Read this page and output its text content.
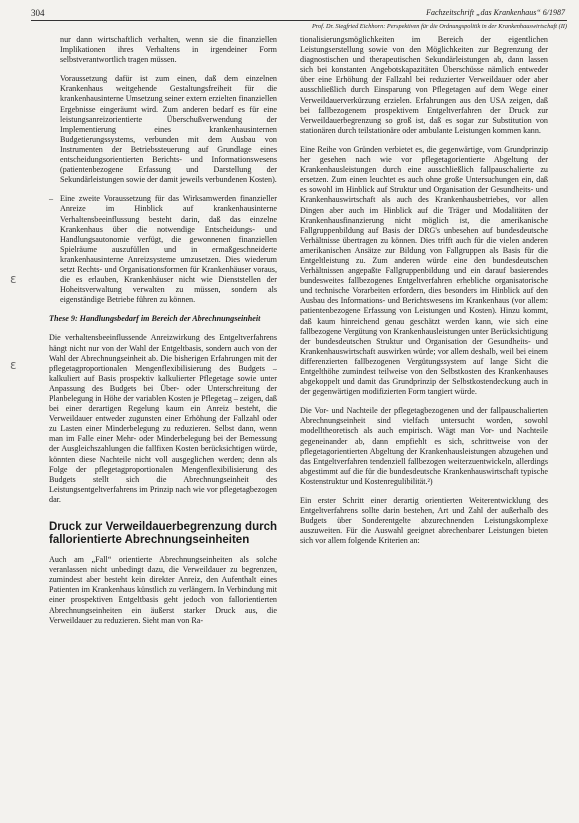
304	Fachzeitschrift „das Krankenhaus“ 6/1987
Prof. Dr. Siegfried Eichhorn: Perspektiven für die Ordnungspolitik in der Krankenhauswirtschaft (II)
ɛ
ɛ

nur dann wirtschaftlich verhalten, wenn sie die finanziellen Implikationen ihres Verhaltens in irgendeiner Form selbstverantwortlich tragen müssen.

Voraussetzung dafür ist zum einen, daß dem einzelnen Krankenhaus weitgehende Gestaltungsfreiheit für die krankenhausinterne Umsetzung seiner extern erzielten finanziellen Ergebnisse eingeräumt wird. Zum anderen bedarf es für eine leistungsanreizorientierte Überschußverwendung der Implementierung eines krankenhausinternen Budgetierungssystems, verbunden mit dem Ausbau von Instrumenten der Betriebssteuerung auf Grundlage eines entscheidungsorientierten Berichts- und Informationswesens (patientenbezogene Erfassung und Darstellung der Sekundärleistungen sowie der damit jeweils verbundenen Kosten).

– Eine zweite Voraussetzung für das Wirksamwerden finanzieller Anreize im Hinblick auf krankenhausinterne Verhaltensbeeinflussung besteht darin, daß das einzelne Krankenhaus über die notwendige Entscheidungs- und Handlungsautonomie verfügt, die gewonnenen finanziellen Spielräume auszufüllen und in ermaßgeschneiderte krankenhausinterne Anreizsysteme umzusetzen. Dies wiederum setzt Rechts- und Organisationsformen für Krankenhäuser voraus, die es erlauben, Krankenhäuser nicht wie Dienststellen der Hoheitsverwaltung verwalten zu müssen, sondern als eigenständige Betriebe führen zu können.

These 9: Handlungsbedarf im Bereich der Abrechnungseinheit

Die verhaltensbeeinflussende Anreizwirkung des Entgeltverfahrens hängt nicht nur von der Wahl der Entgeltbasis, sondern auch von der Wahl der Abrechnungseinheit ab. Die bisherigen Erfahrungen mit der pflegetagproportionalen Mengenflexibilisierung des Budgets – kalkuliert auf Basis prospektiv kalkulierter Pflegetage sowie unter Anpassung des Budgets bei Über- oder Unterschreitung der Planbelegung in Höhe der variablen Kosten je Pflegetag – zeigen, daß bei einer derartigen Regelung kaum ein Anreiz besteht, die Verweildauer entweder zugunsten einer Erhöhung der Fallzahl oder zu Lasten einer Minderbelegung zu reduzieren. Selbst dann, wenn man im Falle einer Mehr- oder Minderbelegung bei der Bemessung der Ausgleichszahlungen die fallfixen Kosten berücksichtigen würde, könnten diese Nachteile nicht voll ausgeglichen werden; denn als Folge der pflegetagproportionalen Mengenflexibilisierung des Budgets stellt sich die Abrechnungseinheit des Leistungsentgeltverfahrens im Prinzip nach wie vor pflegetagbezogen dar.

Druck zur Verweildauerbegrenzung durch fallorientierte Abrechnungseinheiten

Auch am „Fall“ orientierte Abrechnungseinheiten als solche veranlassen nicht unbedingt dazu, die Verweildauer zu begrenzen, zumindest aber besteht kein direkter Anreiz, den Aufenthalt eines Patienten im Krankenhaus künstlich zu verlängern. In Verbindung mit einer prospektiven Entgeltbasis geht jedoch von fallorientierten Abrechnungseinheiten ein äußerst starker Druck aus, die Verweildauer zu reduzieren. Sieht man von Ra-

tionalisierungsmöglichkeiten im Bereich der eigentlichen Leistungserstellung sowie von den Möglichkeiten zur Begrenzung der diagnostischen und therapeutischen Sekundärleistungen ab, dann lassen sich bei konstanten Angebotskapazitäten Überschüsse nämlich entweder über eine Erhöhung der Fallzahl bei reduzierter Verweildauer oder aber ausschließlich durch Einsparung von Pflegetagen auf dem Wege einer Verweildauerverkürzung erzielen. Erfahrungen aus den USA zeigen, daß bei fallbezogenem prospektivem Entgeltverfahren der Druck zur Verweildauerbegrenzung so groß ist, daß es sogar zur Substitution von stationären durch teilstationäre oder ambulante Leistungen kommen kann.

Eine Reihe von Gründen verbietet es, die gegenwärtige, vom Grundprinzip her gesehen nach wie vor pflegetagorientierte Abgeltung der Krankenhausleistungen durch eine ausschließlich fallpauschalierte zu ersetzen. Zum einen leuchtet es auch ohne große Untersuchungen ein, daß es sowohl im Hinblick auf Struktur und Organisation der Gesundheits- und Krankenhauswirtschaft als auch des Krankenhausbetriebes, vor allen Dingen aber auch im Hinblick auf die Träger und Modalitäten der Krankenhausfinanzierung nicht möglich ist, die amerikanische Fallgruppenbildung auf Basis der DRG's unbesehen auf bundesdeutsche Verhältnisse übertragen zu können. Dies trifft auch für die vielen anderen amerikanischen Ansätze zur Bildung von Fallgruppen als Basis für die Entgeltleistung zu. Zum anderen würde eine den bundesdeutschen Verhältnissen angepaßte Fallgruppenbildung und ein darauf basierendes bundesweites fallbezogenes Entgeltverfahren erhebliche organisatorische und technische Vorarbeiten erfordern, dies besonders im Hinblick auf den Ausbau des Informations- und Berichtswesens im Krankenhaus (vor allem: patientenbezogene Erfassung von Leistungen und Kosten). Hinzu kommt, daß kaum hinreichend genau geschätzt werden kann, wie sich eine fallbezogene Vergütung von Krankenhausleistungen unter Berücksichtigung der bundesdeutschen Struktur und Organisation der Gesundheits- und Krankenhauswirtschaft auswirken würde; vor allem deshalb, weil bei einem differenzierten fallbezogenen Vergütungssystem auf lange Sicht die Entgelthöhe zumindest teilweise von den Selbstkosten des Krankenhauses abgekoppelt und damit das Grundprinzip der Selbstkostendeckung auch in der gegenwärtigen modifizierten Form tangiert würde.

Die Vor- und Nachteile der pflegetagbezogenen und der fallpauschalierten Abrechnungseinheit sind vielfach untersucht worden, sowohl modelltheoretisch als auch empirisch. Wägt man Vor- und Nachteile gegeneinander ab, dann empfiehlt es sich, schrittweise von der pflegetagorientierten Abgeltung der Krankenhausleistungen abzugehen und das Entgeltverfahren tendenziell fallbezogen weiterzuentwickeln, allerdings abgestimmt auf die für die bundesdeutsche Krankenhauswirtschaft typische Kostenstruktur und Kostenregulibilität.²)

Ein erster Schritt einer derartig orientierten Weiterentwicklung des Entgeltverfahrens sollte darin bestehen, Art und Zahl der außerhalb des Budgets über Sonderentgelte abzurechnenden Leistungskomplexe auszuweiten. Für die Auswahl geeignet abrechenbarer Leistungen bieten sich vor allem folgende Kriterien an:
